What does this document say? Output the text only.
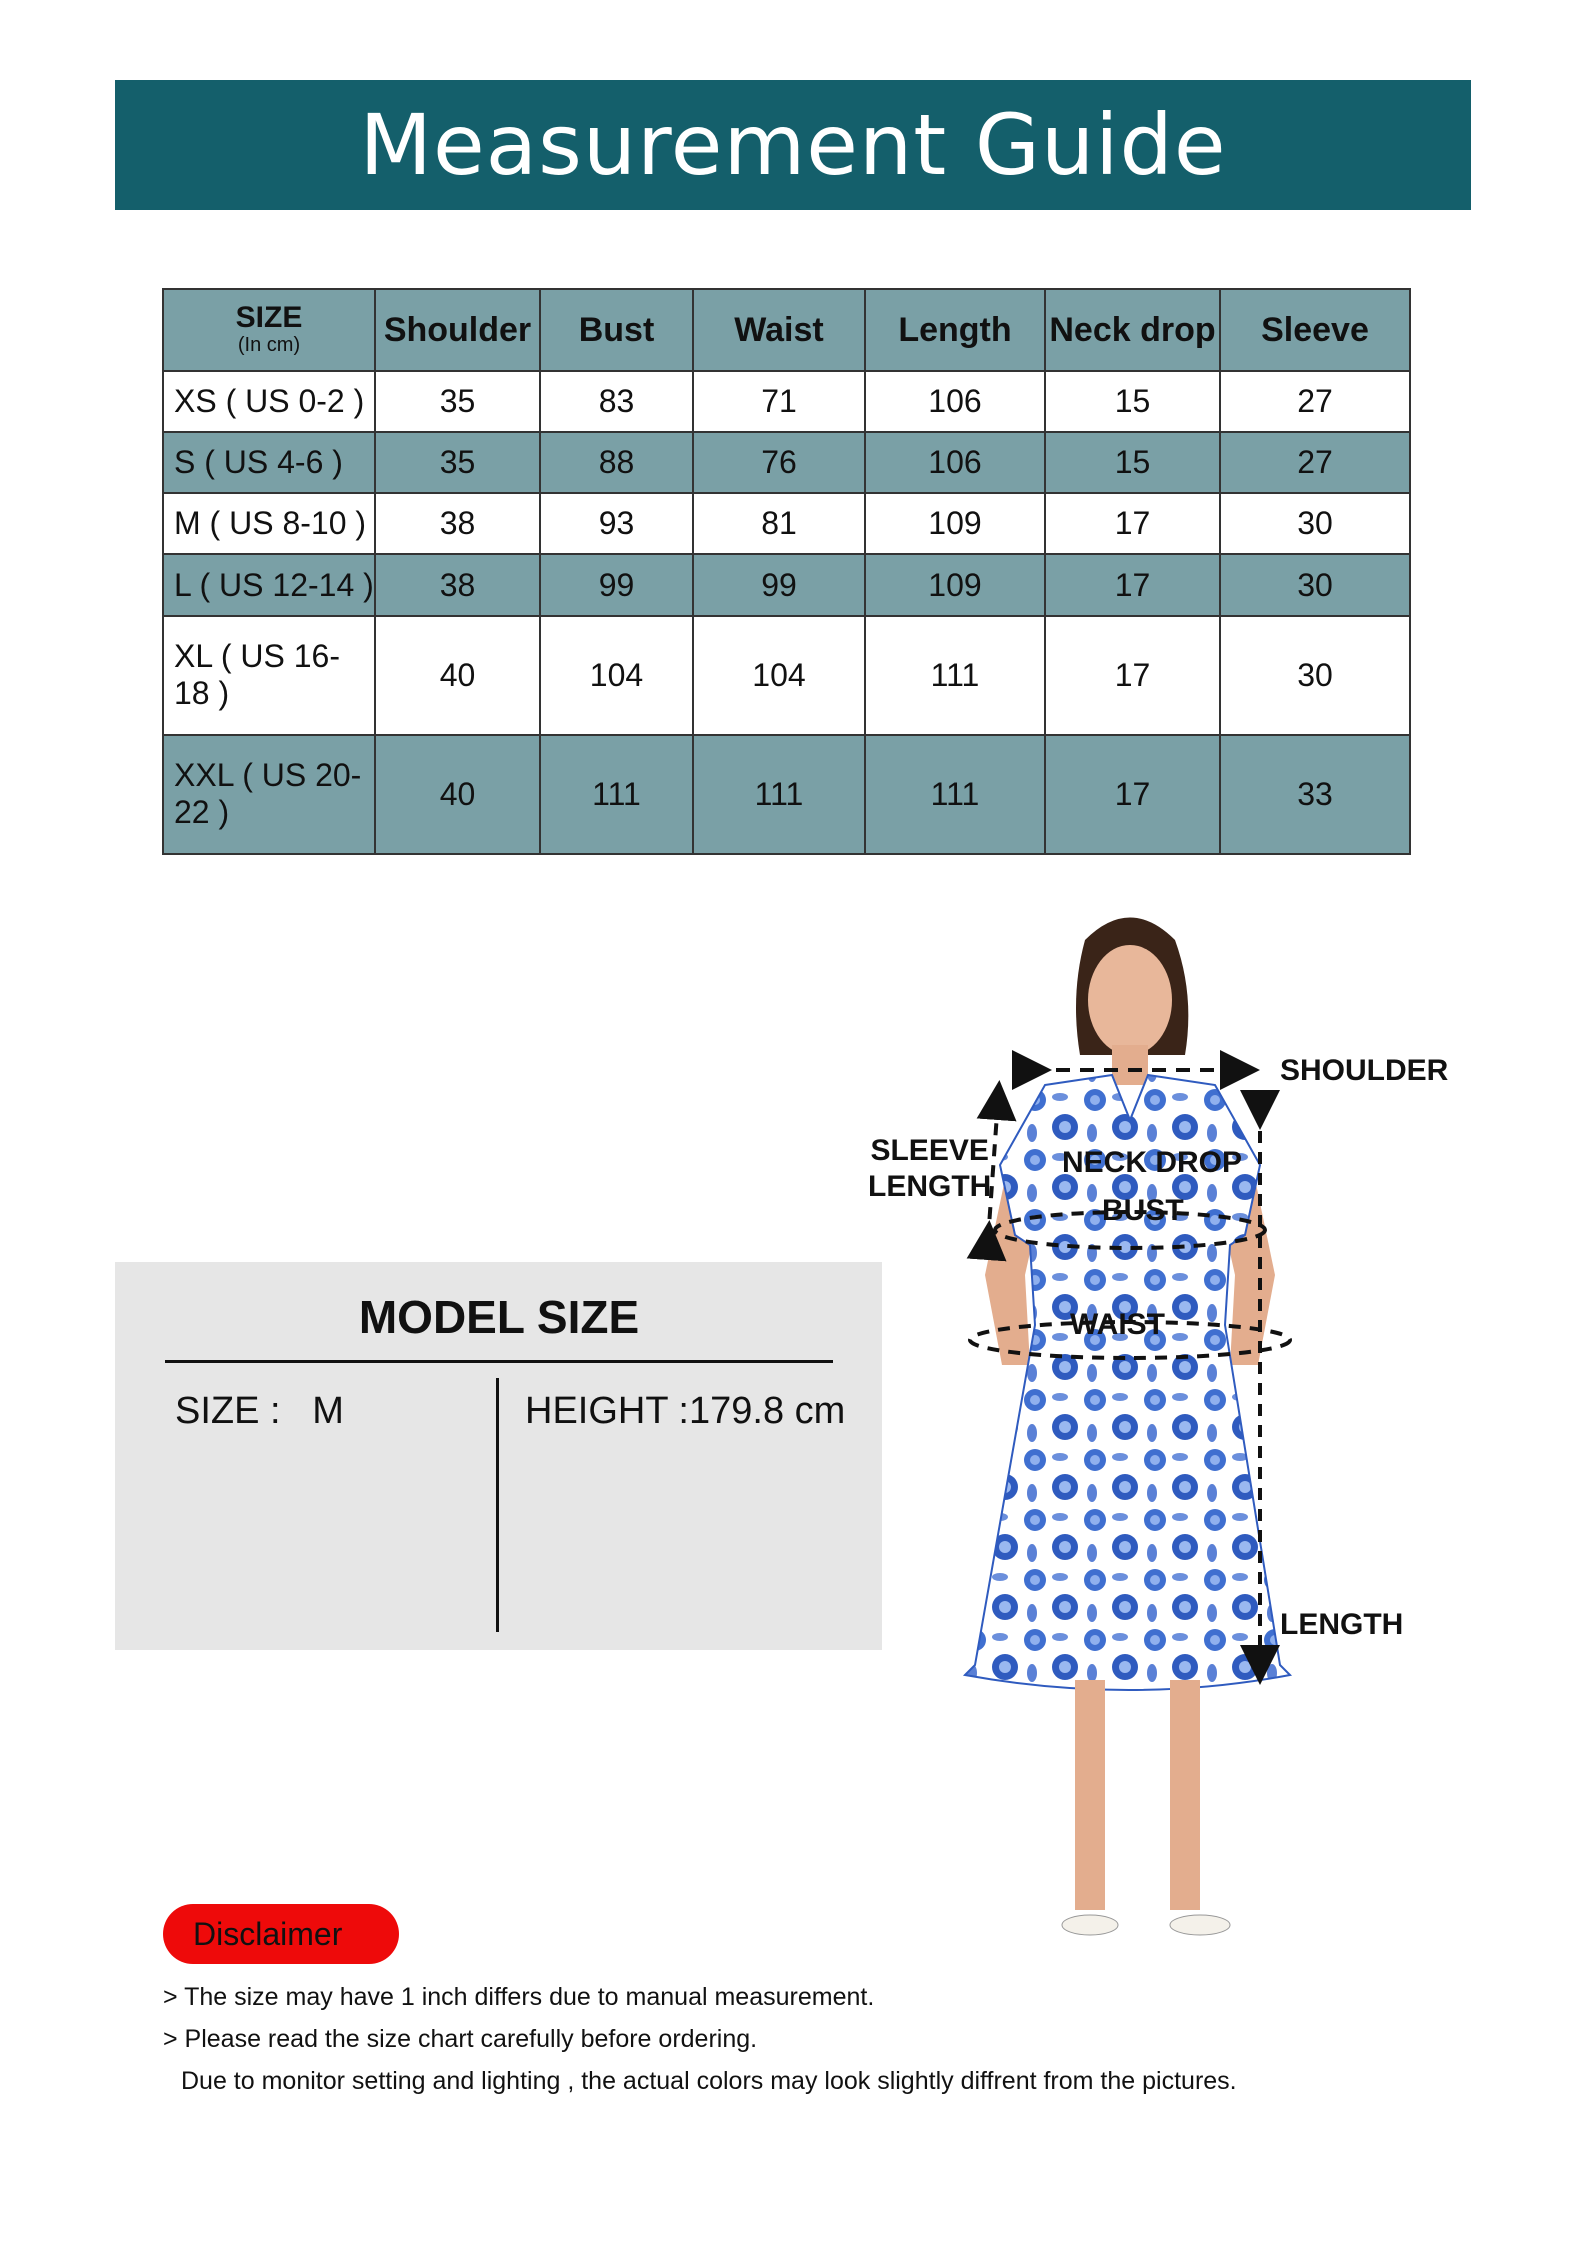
Measurement Guide
SIZE
(In cm)	Shoulder	Bust	Waist	Length	Neck drop	Sleeve
XS ( US 0-2 )	35	83	71	106	15	27
S ( US 4-6 )	35	88	76	106	15	27
M ( US 8-10 )	38	93	81	109	17	30
L ( US 12-14 )	38	99	99	109	17	30
XL ( US 16-18 )	40	104	104	111	17	30
XXL ( US 20-22 )	40	111	111	111	17	33
MODEL SIZE
SIZE : M	HEIGHT :179.8 cm
SHOULDER
SLEEVE
LENGTH
NECK DROP
BUST
WAIST
LENGTH
Disclaimer
> The size may have 1 inch differs due to manual measurement.
> Please read the size chart carefully before ordering.
Due to monitor setting and lighting , the actual colors may look slightly diffrent from the pictures.
